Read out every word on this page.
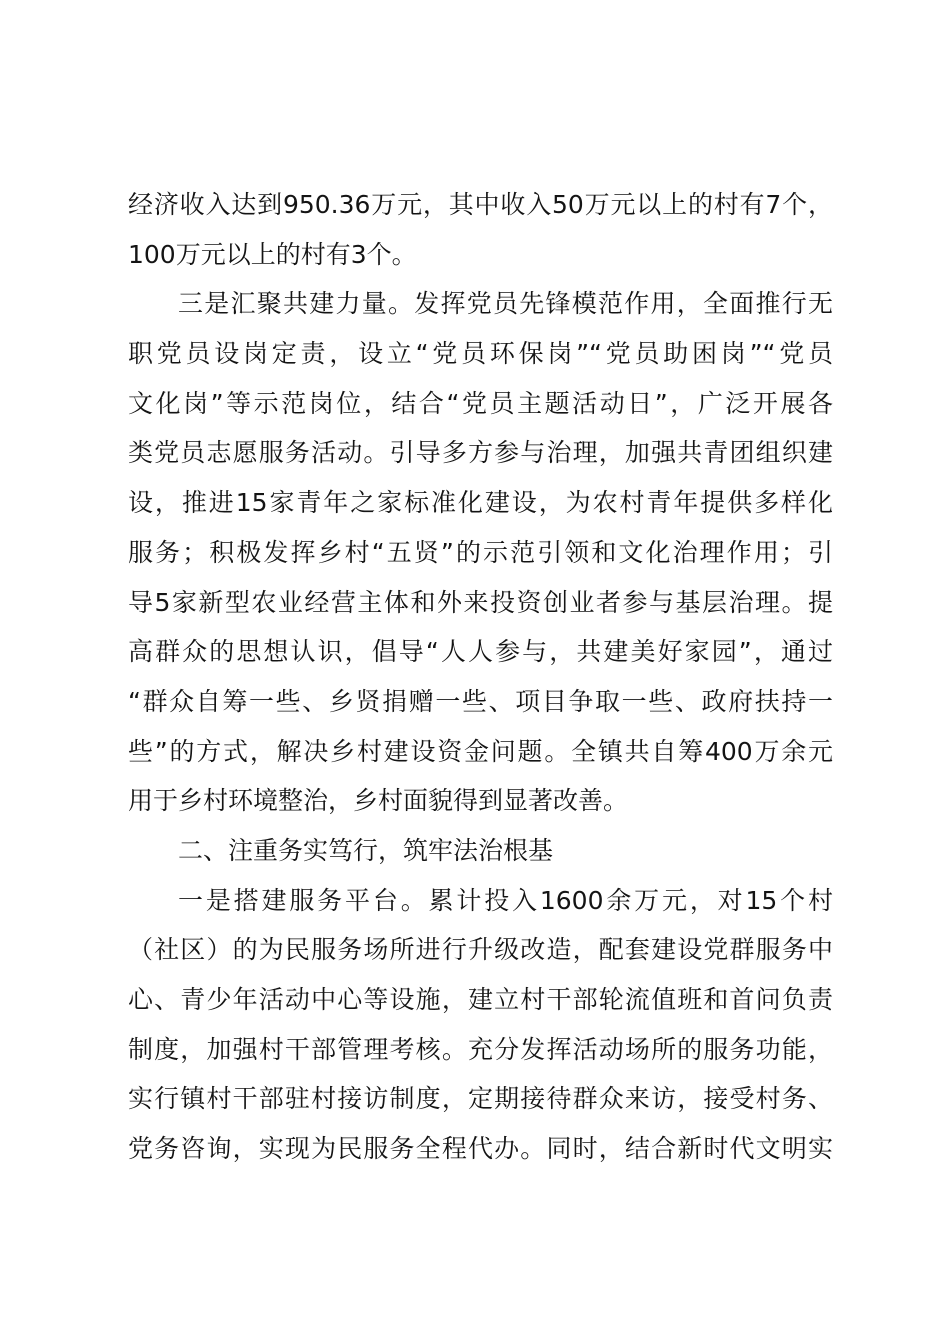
经济收入达到950.36万元，其中收入50万元以上的村有7个，
100万元以上的村有3个。
三是汇聚共建力量。发挥党员先锋模范作用，全面推行无
职党员设岗定责，设立“党员环保岗”“党员助困岗”“党员
文化岗”等示范岗位，结合“党员主题活动日”，广泛开展各
类党员志愿服务活动。引导多方参与治理，加强共青团组织建
设，推进15家青年之家标准化建设，为农村青年提供多样化
服务；积极发挥乡村“五贤”的示范引领和文化治理作用；引
导5家新型农业经营主体和外来投资创业者参与基层治理。提
高群众的思想认识，倡导“人人参与，共建美好家园”，通过
“群众自筹一些、乡贤捐赠一些、项目争取一些、政府扶持一
些”的方式，解决乡村建设资金问题。全镇共自筹400万余元
用于乡村环境整治，乡村面貌得到显著改善。
二、注重务实笃行，筑牢法治根基
一是搭建服务平台。累计投入1600余万元，对15个村
（社区）的为民服务场所进行升级改造，配套建设党群服务中
心、青少年活动中心等设施，建立村干部轮流值班和首问负责
制度，加强村干部管理考核。充分发挥活动场所的服务功能，
实行镇村干部驻村接访制度，定期接待群众来访，接受村务、
党务咨询，实现为民服务全程代办。同时，结合新时代文明实
